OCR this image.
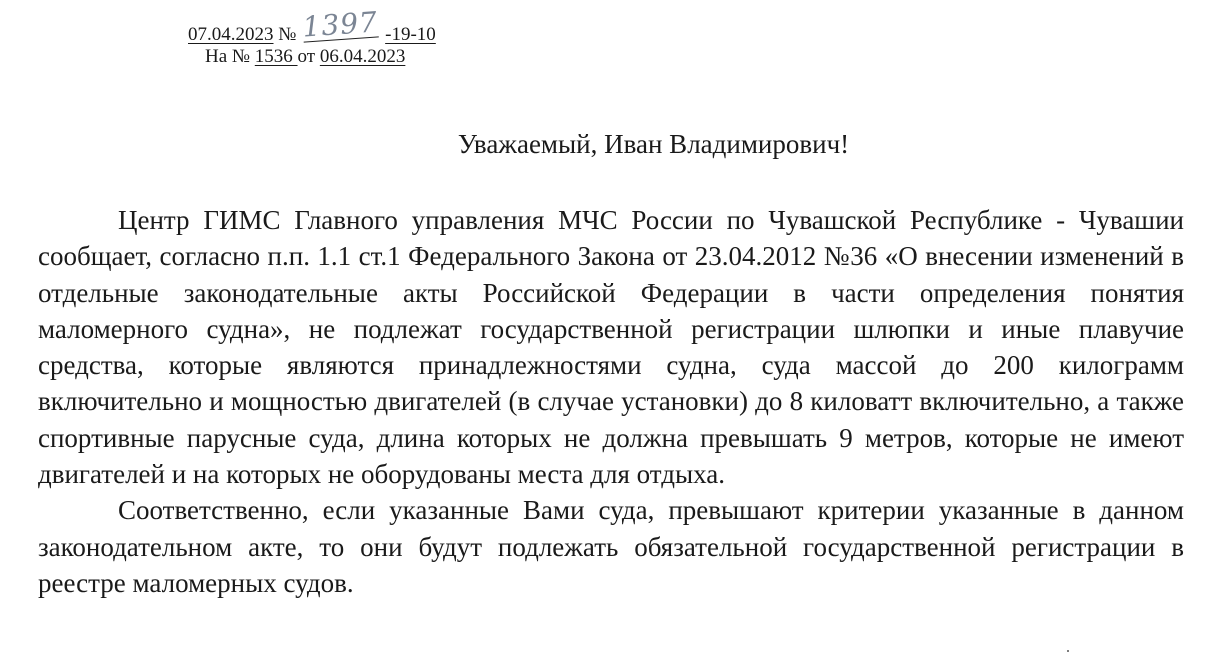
07.04.2023 № 1397 -19-10
На № 1536 от 06.04.2023
Уважаемый, Иван Владимирович!

Центр ГИМС Главного управления МЧС России по Чувашской Республике - Чувашии сообщает, согласно п.п. 1.1 ст.1 Федерального Закона от 23.04.2012 №36 «О внесении изменений в отдельные законодательные акты Российской Федерации в части определения понятия маломерного судна», не подлежат государственной регистрации шлюпки и иные плавучие средства, которые являются принадлежностями судна, суда массой до 200 килограмм включительно и мощностью двигателей (в случае установки) до 8 киловатт включительно, а также спортивные парусные суда, длина которых не должна превышать 9 метров, которые не имеют двигателей и на которых не оборудованы места для отдыха.

Соответственно, если указанные Вами суда, превышают критерии указанные в данном законодательном акте, то они будут подлежать обязательной государственной регистрации в реестре маломерных судов.
